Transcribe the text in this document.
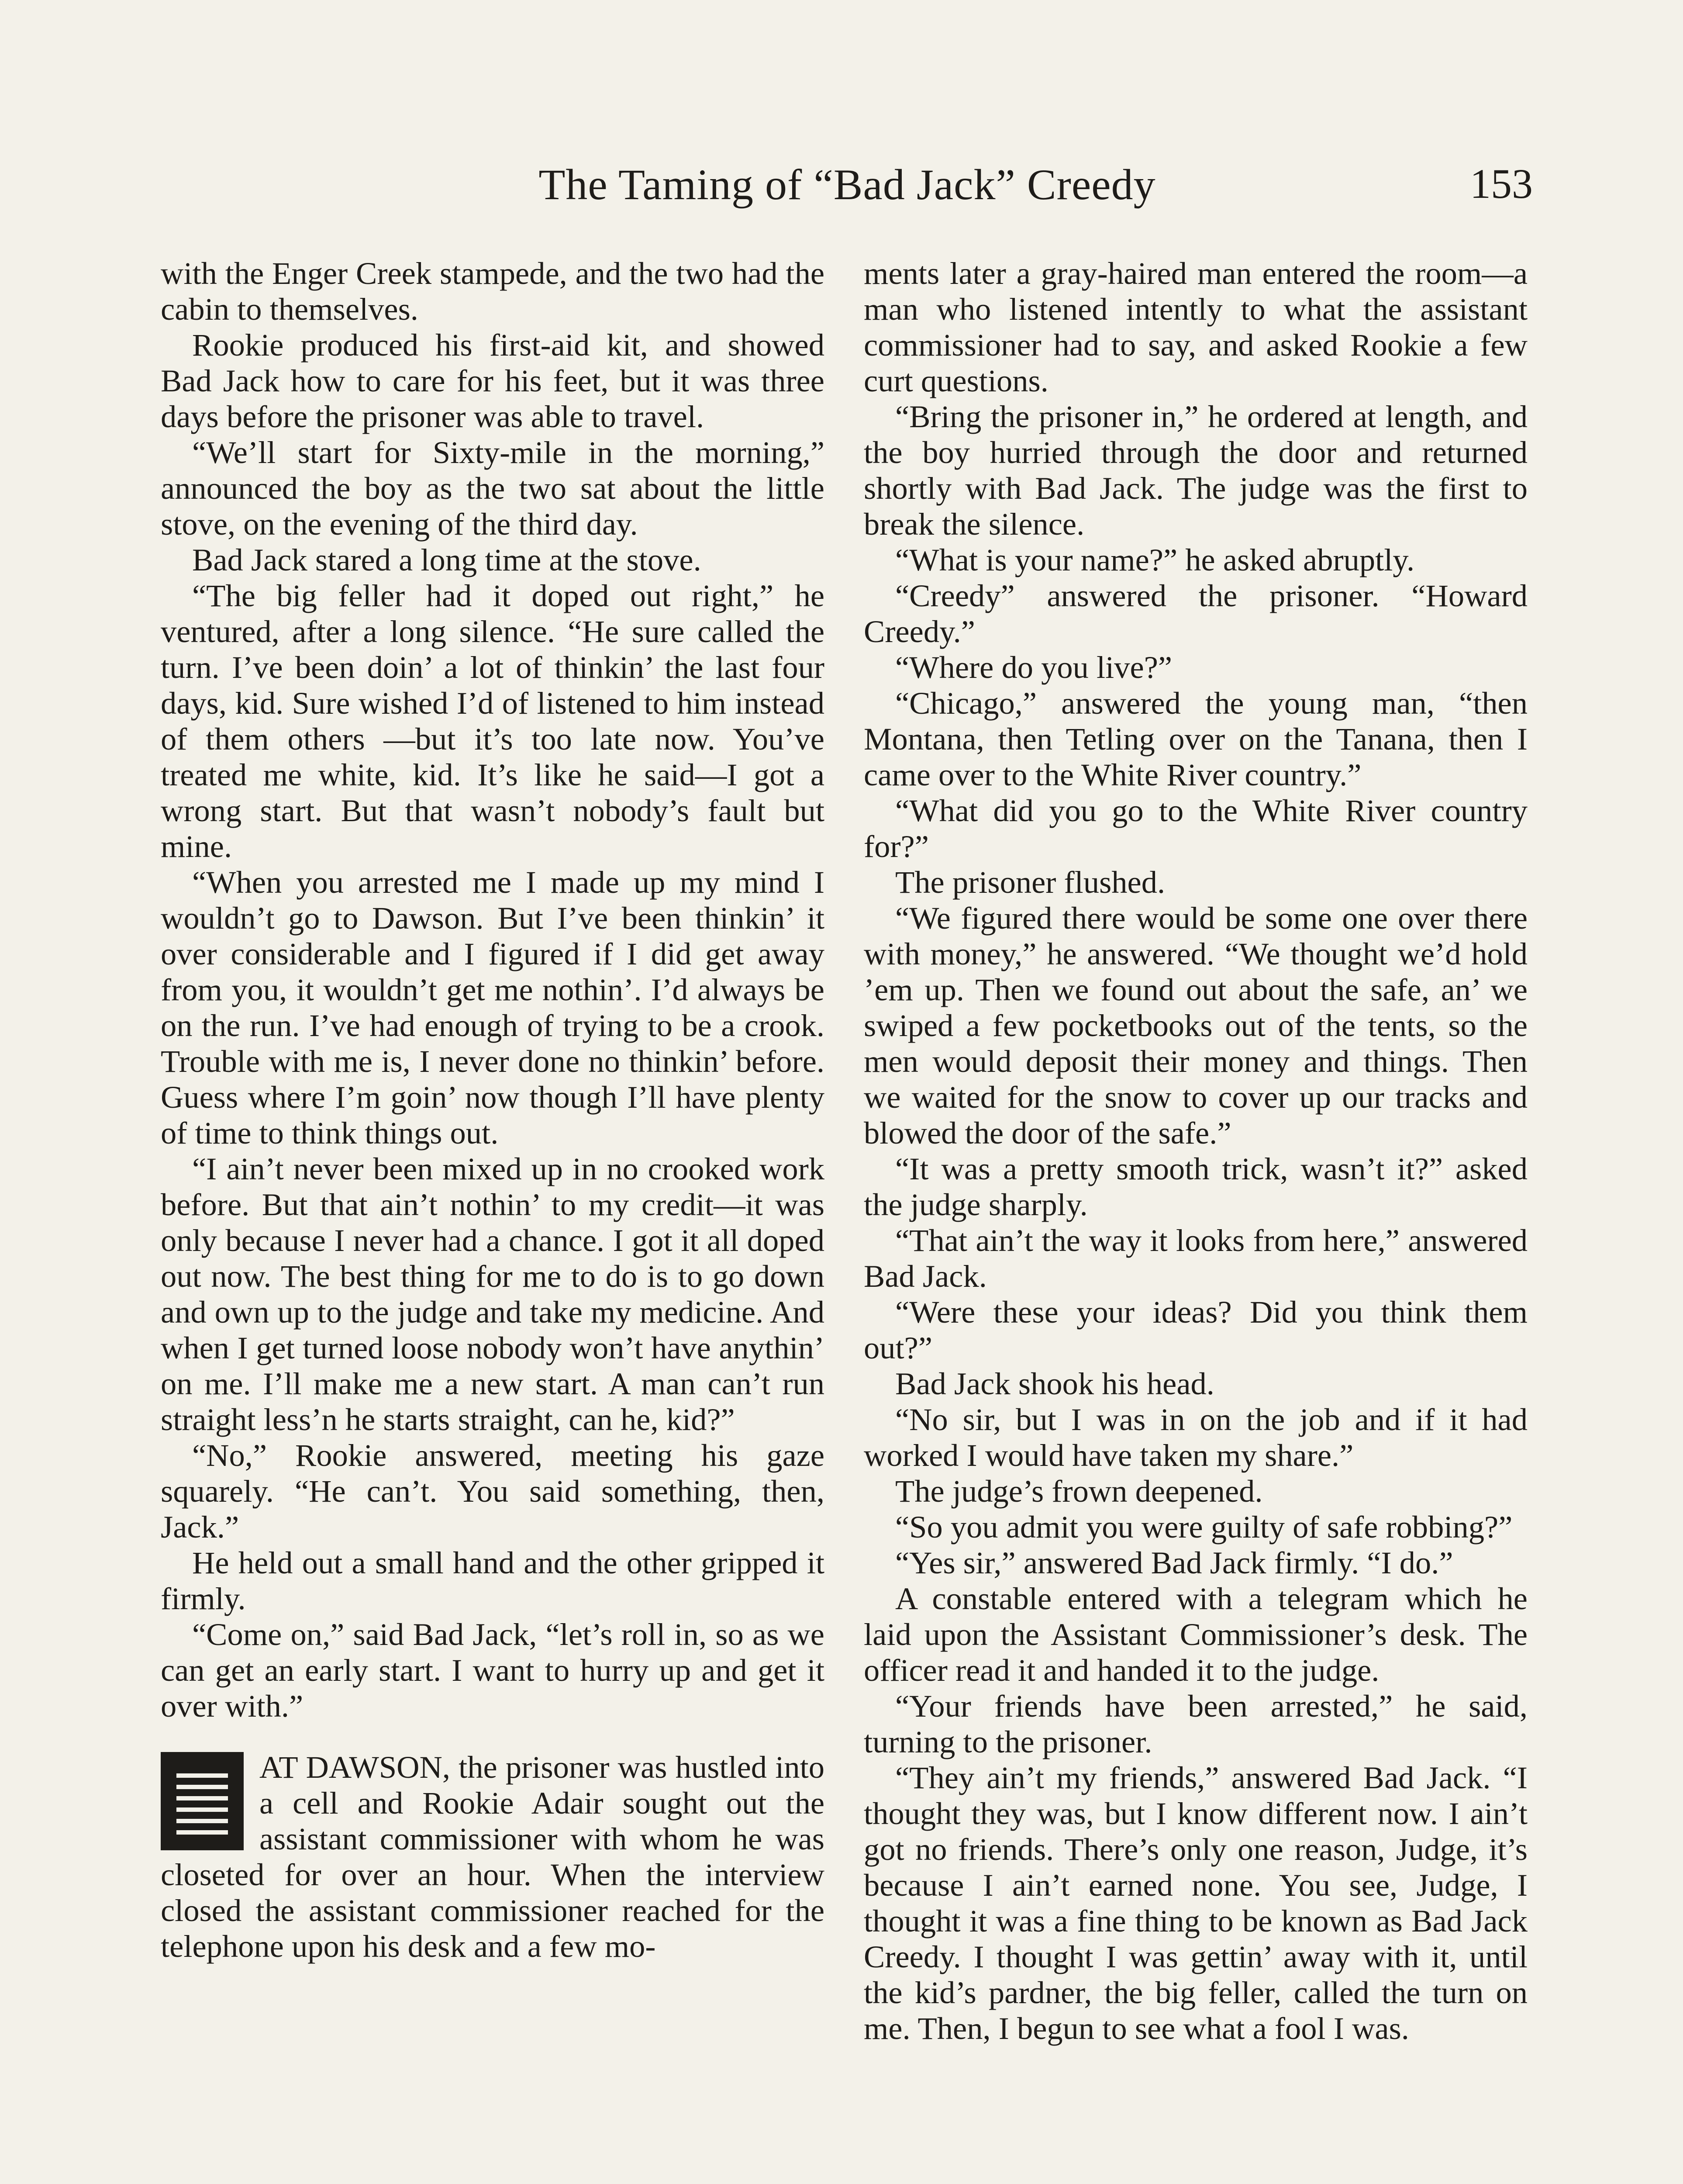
The Taming of “Bad Jack” Creedy	153

with the Enger Creek stampede, and the two had the cabin to themselves.

Rookie produced his first-aid kit, and showed Bad Jack how to care for his feet, but it was three days before the prisoner was able to travel.

“We’ll start for Sixty-mile in the morning,” announced the boy as the two sat about the little stove, on the evening of the third day.

Bad Jack stared a long time at the stove.

“The big feller had it doped out right,” he ventured, after a long silence. “He sure called the turn. I’ve been doin’ a lot of thinkin’ the last four days, kid. Sure wished I’d of listened to him instead of them others —but it’s too late now. You’ve treated me white, kid. It’s like he said—I got a wrong start. But that wasn’t nobody’s fault but mine.

“When you arrested me I made up my mind I wouldn’t go to Dawson. But I’ve been thinkin’ it over considerable and I figured if I did get away from you, it wouldn’t get me nothin’. I’d always be on the run. I’ve had enough of trying to be a crook. Trouble with me is, I never done no thinkin’ before. Guess where I’m goin’ now though I’ll have plenty of time to think things out.

“I ain’t never been mixed up in no crooked work before. But that ain’t nothin’ to my credit—it was only because I never had a chance. I got it all doped out now. The best thing for me to do is to go down and own up to the judge and take my medicine. And when I get turned loose nobody won’t have anythin’ on me. I’ll make me a new start. A man can’t run straight less’n he starts straight, can he, kid?”

“No,” Rookie answered, meeting his gaze squarely. “He can’t. You said something, then, Jack.”

He held out a small hand and the other gripped it firmly.

“Come on,” said Bad Jack, “let’s roll in, so as we can get an early start. I want to hurry up and get it over with.”

AT DAWSON, the prisoner was hustled into a cell and Rookie Adair sought out the assistant commissioner with whom he was closeted for over an hour. When the interview closed the assistant commissioner reached for the telephone upon his desk and a few mo-

ments later a gray-haired man entered the room—a man who listened intently to what the assistant commissioner had to say, and asked Rookie a few curt questions.

“Bring the prisoner in,” he ordered at length, and the boy hurried through the door and returned shortly with Bad Jack. The judge was the first to break the silence.

“What is your name?” he asked abruptly.

“Creedy” answered the prisoner. “Howard Creedy.”

“Where do you live?”

“Chicago,” answered the young man, “then Montana, then Tetling over on the Tanana, then I came over to the White River country.”

“What did you go to the White River country for?”

The prisoner flushed.

“We figured there would be some one over there with money,” he answered. “We thought we’d hold ’em up. Then we found out about the safe, an’ we swiped a few pocketbooks out of the tents, so the men would deposit their money and things. Then we waited for the snow to cover up our tracks and blowed the door of the safe.”

“It was a pretty smooth trick, wasn’t it?” asked the judge sharply.

“That ain’t the way it looks from here,” answered Bad Jack.

“Were these your ideas? Did you think them out?”

Bad Jack shook his head.

“No sir, but I was in on the job and if it had worked I would have taken my share.”

The judge’s frown deepened.

“So you admit you were guilty of safe robbing?”

“Yes sir,” answered Bad Jack firmly. “I do.”

A constable entered with a telegram which he laid upon the Assistant Commissioner’s desk. The officer read it and handed it to the judge.

“Your friends have been arrested,” he said, turning to the prisoner.

“They ain’t my friends,” answered Bad Jack. “I thought they was, but I know different now. I ain’t got no friends. There’s only one reason, Judge, it’s because I ain’t earned none. You see, Judge, I thought it was a fine thing to be known as Bad Jack Creedy. I thought I was gettin’ away with it, until the kid’s pardner, the big feller, called the turn on me. Then, I begun to see what a fool I was.
